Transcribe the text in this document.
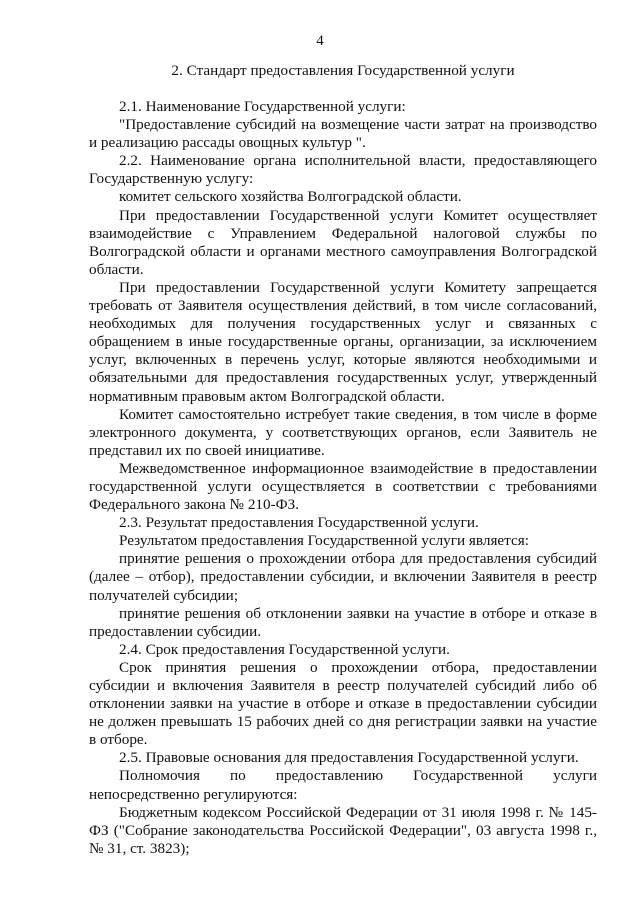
4
2. Стандарт предоставления Государственной услуги

2.1. Наименование Государственной услуги:

"Предоставление субсидий на возмещение части затрат на производство и реализацию рассады овощных культур ".

2.2. Наименование органа исполнительной власти, предоставляющего Государственную услугу:

комитет сельского хозяйства Волгоградской области.

При предоставлении Государственной услуги Комитет осуществляет взаимодействие с Управлением Федеральной налоговой службы по Волгоградской области и органами местного самоуправления Волгоградской области.

При предоставлении Государственной услуги Комитету запрещается требовать от Заявителя осуществления действий, в том числе согласований, необходимых для получения государственных услуг и связанных с обращением в иные государственные органы, организации, за исключением услуг, включенных в перечень услуг, которые являются необходимыми и обязательными для предоставления государственных услуг, утвержденный нормативным правовым актом Волгоградской области.

Комитет самостоятельно истребует такие сведения, в том числе в форме электронного документа, у соответствующих органов, если Заявитель не представил их по своей инициативе.

Межведомственное информационное взаимодействие в предоставлении государственной услуги осуществляется в соответствии с требованиями Федерального закона № 210-ФЗ.

2.3. Результат предоставления Государственной услуги.

Результатом предоставления Государственной услуги является:

принятие решения о прохождении отбора для предоставления субсидий (далее – отбор), предоставлении субсидии, и включении Заявителя в реестр получателей субсидии;

принятие решения об отклонении заявки на участие в отборе и отказе в предоставлении субсидии.

2.4. Срок предоставления Государственной услуги.

Срок принятия решения о прохождении отбора, предоставлении субсидии и включения Заявителя в реестр получателей субсидий либо об отклонении заявки на участие в отборе и отказе в предоставлении субсидии не должен превышать 15 рабочих дней со дня регистрации заявки на участие в отборе.

2.5. Правовые основания для предоставления Государственной услуги.

Полномочия по предоставлению Государственной услуги непосредственно регулируются:

Бюджетным кодексом Российской Федерации от 31 июля 1998 г. № 145-ФЗ ("Собрание законодательства Российской Федерации", 03 августа 1998 г., № 31, ст. 3823);
